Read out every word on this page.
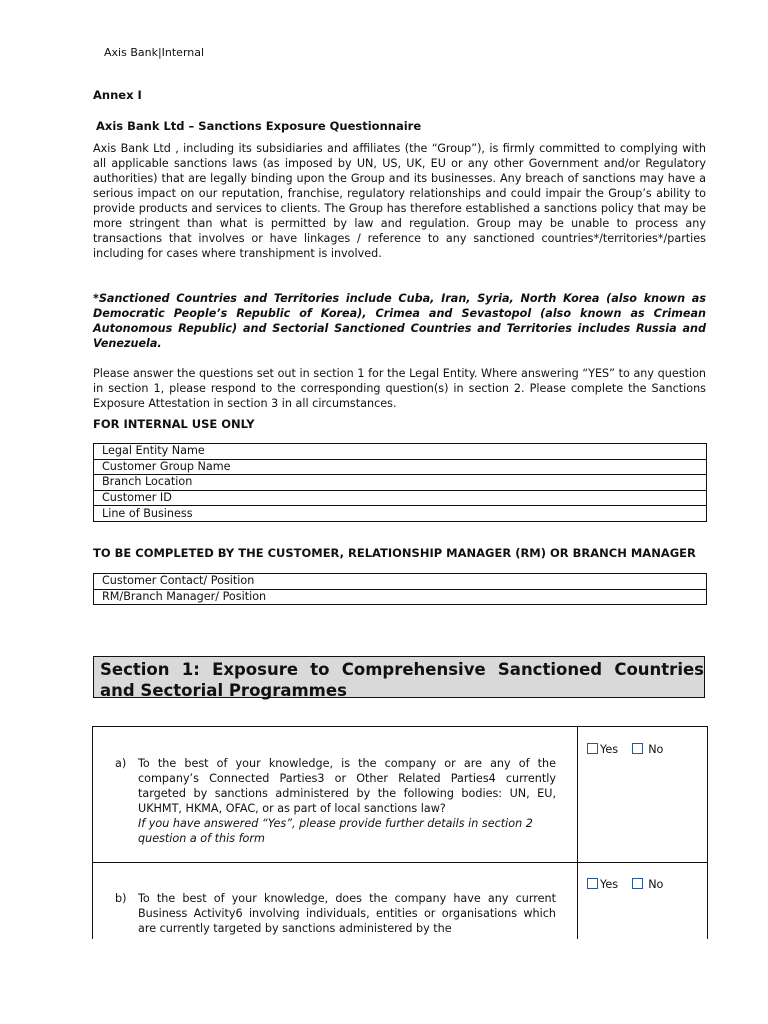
Axis Bank|Internal
Annex I
Axis Bank Ltd – Sanctions Exposure Questionnaire
Axis Bank Ltd , including its subsidiaries and affiliates (the “Group”), is firmly committed to complying with all applicable sanctions laws (as imposed by UN, US, UK, EU or any other Government and/or Regulatory authorities) that are legally binding upon the Group and its businesses. Any breach of sanctions may have a serious impact on our reputation, franchise, regulatory relationships and could impair the Group’s ability to provide products and services to clients. The Group has therefore established a sanctions policy that may be more stringent than what is permitted by law and regulation. Group may be unable to process any transactions that involves or have linkages / reference to any sanctioned countries*/territories*/parties including for cases where transhipment is involved.
*Sanctioned Countries and Territories include Cuba, Iran, Syria, North Korea (also known as Democratic People’s Republic of Korea), Crimea and Sevastopol (also known as Crimean Autonomous Republic) and Sectorial Sanctioned Countries and Territories includes Russia and Venezuela.
Please answer the questions set out in section 1 for the Legal Entity. Where answering “YES” to any question in section 1, please respond to the corresponding question(s) in section 2. Please complete the Sanctions Exposure Attestation in section 3 in all circumstances.
FOR INTERNAL USE ONLY
Legal Entity Name
Customer Group Name
Branch Location
Customer ID
Line of Business
TO BE COMPLETED BY THE CUSTOMER, RELATIONSHIP MANAGER (RM) OR BRANCH MANAGER
Customer Contact/ Position
RM/Branch Manager/ Position
Section 1: Exposure to Comprehensive Sanctioned Countries and Sectorial Programmes
a) To the best of your knowledge, is the company or are any of the company’s Connected Parties3 or Other Related Parties4 currently targeted by sanctions administered by the following bodies: UN, EU, UKHMT, HKMA, OFAC, or as part of local sanctions law?
If you have answered “Yes”, please provide further details in section 2 question a of this form
Yes	No
b) To the best of your knowledge, does the company have any current Business Activity6 involving individuals, entities or organisations which are currently targeted by sanctions administered by the
Yes	No
